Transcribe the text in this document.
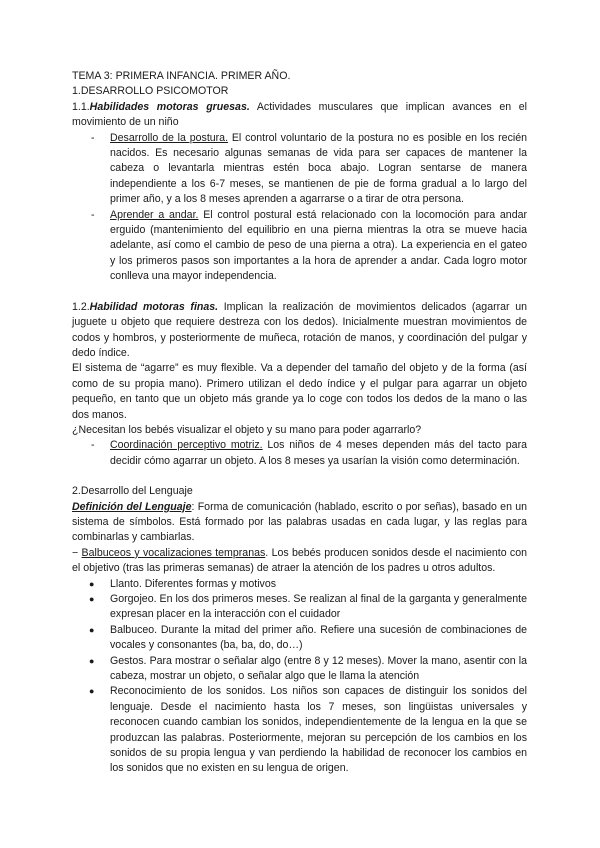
TEMA 3: PRIMERA INFANCIA. PRIMER AÑO.

1.DESARROLLO PSICOMOTOR

1.1.Habilidades motoras gruesas. Actividades musculares que implican avances en el movimiento de un niño

- Desarrollo de la postura. El control voluntario de la postura no es posible en los recién nacidos. Es necesario algunas semanas de vida para ser capaces de mantener la cabeza o levantarla mientras estén boca abajo. Logran sentarse de manera independiente a los 6-7 meses, se mantienen de pie de forma gradual a lo largo del primer año, y a los 8 meses aprenden a agarrarse o a tirar de otra persona.
- Aprender a andar. El control postural está relacionado con la locomoción para andar erguido (mantenimiento del equilibrio en una pierna mientras la otra se mueve hacia adelante, así como el cambio de peso de una pierna a otra). La experiencia en el gateo y los primeros pasos son importantes a la hora de aprender a andar. Cada logro motor conlleva una mayor independencia.

1.2.Habilidad motoras finas. Implican la realización de movimientos delicados (agarrar un juguete u objeto que requiere destreza con los dedos). Inicialmente muestran movimientos de codos y hombros, y posteriormente de muñeca, rotación de manos, y coordinación del pulgar y dedo índice.

El sistema de “agarre” es muy flexible. Va a depender del tamaño del objeto y de la forma (así como de su propia mano). Primero utilizan el dedo índice y el pulgar para agarrar un objeto pequeño, en tanto que un objeto más grande ya lo coge con todos los dedos de la mano o las dos manos.

¿Necesitan los bebés visualizar el objeto y su mano para poder agarrarlo?

- Coordinación perceptivo motriz. Los niños de 4 meses dependen más del tacto para decidir cómo agarrar un objeto. A los 8 meses ya usarían la visión como determinación.

2.Desarrollo del Lenguaje

Definición del Lenguaje: Forma de comunicación (hablado, escrito o por señas), basado en un sistema de símbolos. Está formado por las palabras usadas en cada lugar, y las reglas para combinarlas y cambiarlas.

− Balbuceos y vocalizaciones tempranas. Los bebés producen sonidos desde el nacimiento con el objetivo (tras las primeras semanas) de atraer la atención de los padres u otros adultos.

● Llanto. Diferentes formas y motivos
● Gorgojeo. En los dos primeros meses. Se realizan al final de la garganta y generalmente expresan placer en la interacción con el cuidador
● Balbuceo. Durante la mitad del primer año. Refiere una sucesión de combinaciones de vocales y consonantes (ba, ba, do, do…)
● Gestos. Para mostrar o señalar algo (entre 8 y 12 meses). Mover la mano, asentir con la cabeza, mostrar un objeto, o señalar algo que le llama la atención
● Reconocimiento de los sonidos. Los niños son capaces de distinguir los sonidos del lenguaje. Desde el nacimiento hasta los 7 meses, son lingüistas universales y reconocen cuando cambian los sonidos, independientemente de la lengua en la que se produzcan las palabras. Posteriormente, mejoran su percepción de los cambios en los sonidos de su propia lengua y van perdiendo la habilidad de reconocer los cambios en los sonidos que no existen en su lengua de origen.
